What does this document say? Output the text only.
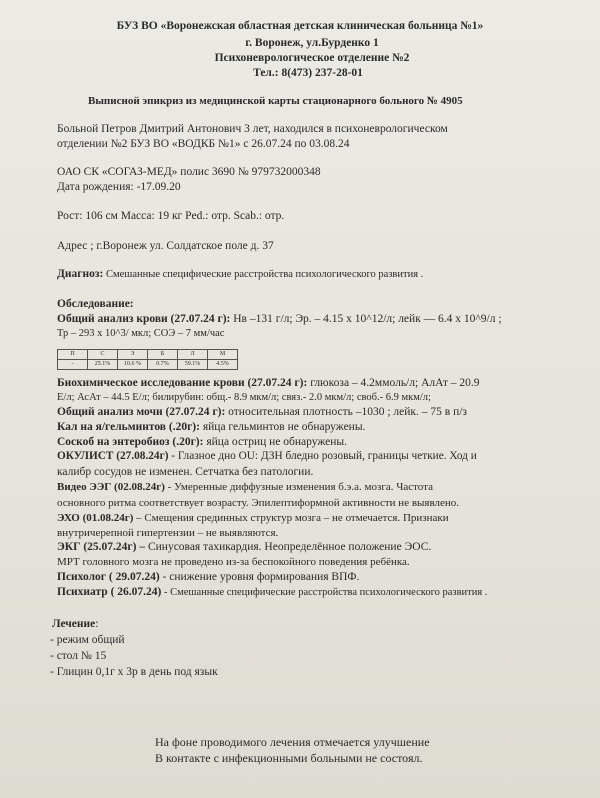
БУЗ ВО «Воронежская областная детская клиническая больница №1»

г. Воронеж, ул.Бурденко 1

Психоневрологическое отделение №2

Тел.: 8(473) 237-28-01

Выписной эпикриз из медицинской карты стационарного больного № 4905

Больной Петров Дмитрий Антонович 3 лет, находился в психоневрологическом

отделении №2 БУЗ ВО «ВОДКБ №1» с 26.07.24 по 03.08.24

ОАО СК «СОГАЗ-МЕД» полис 3690 № 979732000348

Дата рождения: -17.09.20

Рост: 106 см Масса: 19 кг Ped.: отр. Scab.: отр.

Адрес ; г.Воронеж ул. Солдатское поле д. 37

Диагноз: Смешанные специфические расстройства психологического развития .

Обследование:

Общий анализ крови (27.07.24 г): Нв –131 г/л; Эр. – 4.15 x 10^12/л; лейк — 6.4 x 10^9/л ;

Тр – 293 x 10^3/ мкл; СОЭ – 7 мм/час

П	С	Э	Б	Л	М
-	25.1%	10.6 %	0.7%	59.1%	4.5%

Биохимическое исследование крови (27.07.24 г): глюкоза – 4.2ммоль/л; АлАт – 20.9

Е/л; АсАт – 44.5 Е/л; билирубин: общ.- 8.9 мкм/л; связ.- 2.0 мкм/л; своб.- 6.9 мкм/л;

Общий анализ мочи (27.07.24 г): относительная плотность –1030 ; лейк. – 75 в п/з

Кал на я/гельминтов (.20г): яйца гельминтов не обнаружены.

Соскоб на энтеробиоз (.20г): яйца остриц не обнаружены.

ОКУЛИСТ (27.08.24г) - Глазное дно OU: ДЗН бледно розовый, границы четкие. Ход и

калибр сосудов не изменен. Сетчатка без патологии.

Видео ЭЭГ (02.08.24г) - Умеренные диффузные изменения б.э.а. мозга. Частота

основного ритма соответствует возрасту. Эпилептиформной активности не выявлено.

ЭХО (01.08.24г) – Смещения срединных структур мозга – не отмечается. Признаки

внутричерепной гипертензии – не выявляются.

ЭКГ (25.07.24г) – Синусовая тахикардия. Неопределённое положение ЭОС.

МРТ головного мозга не проведено из-за беспокойного поведения ребёнка.

Психолог ( 29.07.24) - снижение уровня формирования ВПФ.

Психиатр ( 26.07.24) - Смешанные специфические расстройства психологического развития .

Лечение:

- режим общий

- стол № 15

- Глицин 0,1г х 3р в день под язык

На фоне проводимого лечения отмечается улучшение

В контакте с инфекционными больными не состоял.
